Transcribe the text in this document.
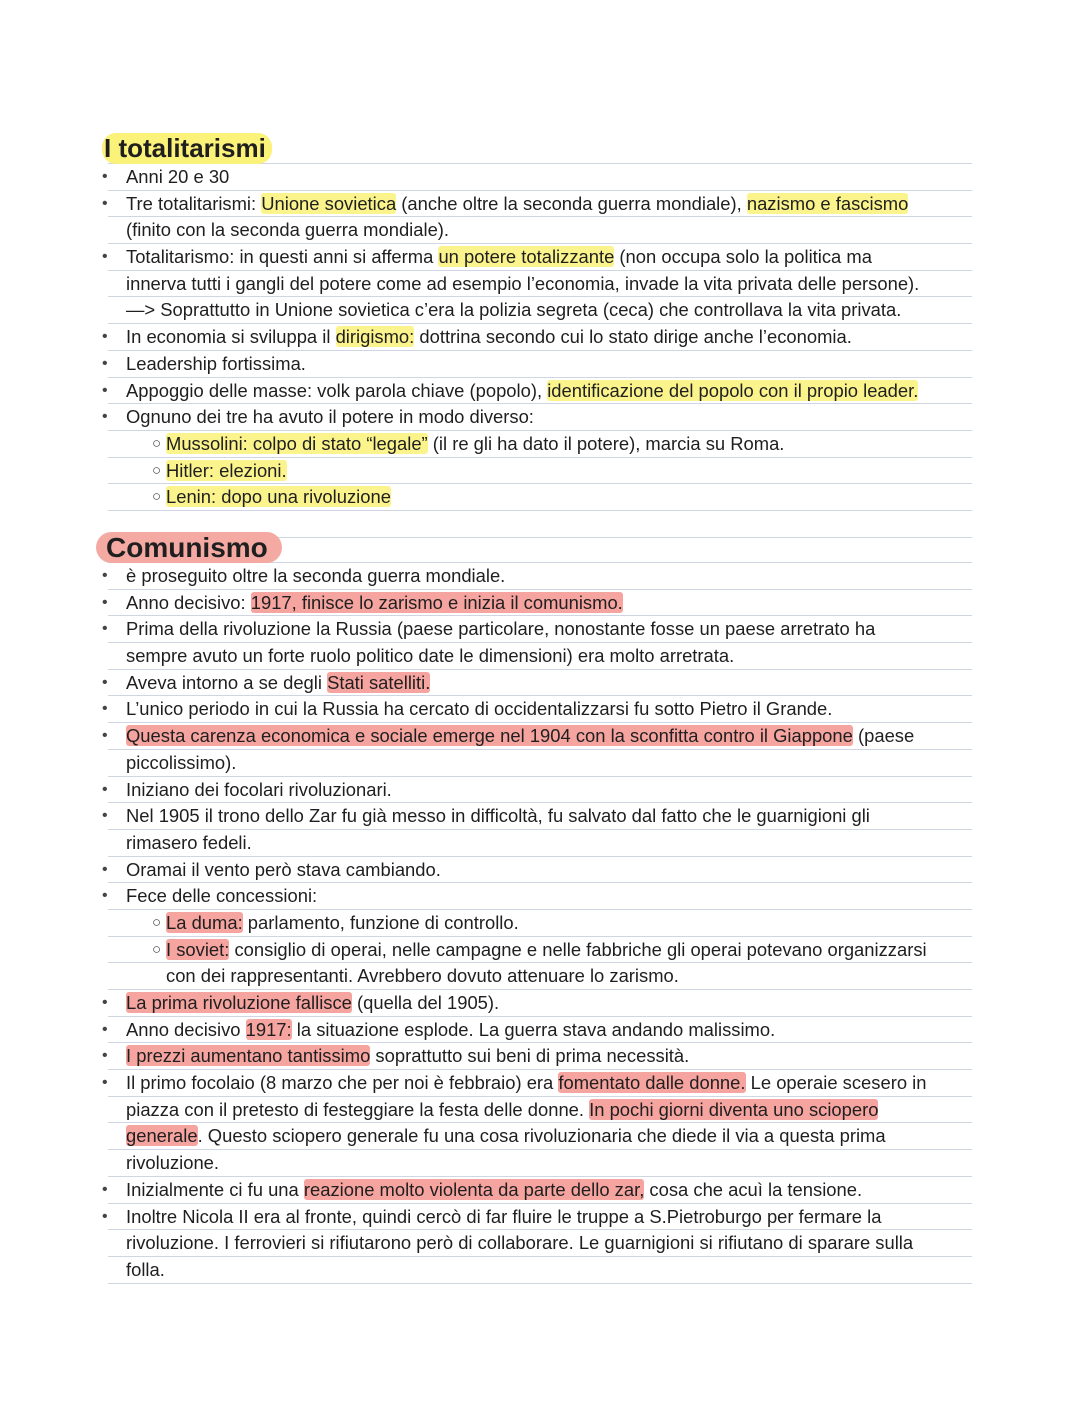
I totalitarismi
• Anni 20 e 30
• Tre totalitarismi: Unione sovietica (anche oltre la seconda guerra mondiale), nazismo e fascismo
(finito con la seconda guerra mondiale).
• Totalitarismo: in questi anni si afferma un potere totalizzante (non occupa solo la politica ma
innerva tutti i gangli del potere come ad esempio l’economia, invade la vita privata delle persone).
—> Soprattutto in Unione sovietica c’era la polizia segreta (ceca) che controllava la vita privata.
• In economia si sviluppa il dirigismo: dottrina secondo cui lo stato dirige anche l’economia.
• Leadership fortissima.
• Appoggio delle masse: volk parola chiave (popolo), identificazione del popolo con il propio leader.
• Ognuno dei tre ha avuto il potere in modo diverso:
○ Mussolini: colpo di stato “legale” (il re gli ha dato il potere), marcia su Roma.
○ Hitler: elezioni.
○ Lenin: dopo una rivoluzione
Comunismo
• è proseguito oltre la seconda guerra mondiale.
• Anno decisivo: 1917, finisce lo zarismo e inizia il comunismo.
• Prima della rivoluzione la Russia (paese particolare, nonostante fosse un paese arretrato ha
sempre avuto un forte ruolo politico date le dimensioni) era molto arretrata.
• Aveva intorno a se degli Stati satelliti.
• L’unico periodo in cui la Russia ha cercato di occidentalizzarsi fu sotto Pietro il Grande.
• Questa carenza economica e sociale emerge nel 1904 con la sconfitta contro il Giappone (paese
piccolissimo).
• Iniziano dei focolari rivoluzionari.
• Nel 1905 il trono dello Zar fu già messo in difficoltà, fu salvato dal fatto che le guarnigioni gli
rimasero fedeli.
• Oramai il vento però stava cambiando.
• Fece delle concessioni:
○ La duma: parlamento, funzione di controllo.
○ I soviet: consiglio di operai, nelle campagne e nelle fabbriche gli operai potevano organizzarsi
con dei rappresentanti. Avrebbero dovuto attenuare lo zarismo.
• La prima rivoluzione fallisce (quella del 1905).
• Anno decisivo 1917: la situazione esplode. La guerra stava andando malissimo.
• I prezzi aumentano tantissimo soprattutto sui beni di prima necessità.
• Il primo focolaio (8 marzo che per noi è febbraio) era fomentato dalle donne. Le operaie scesero in
piazza con il pretesto di festeggiare la festa delle donne. In pochi giorni diventa uno sciopero
generale. Questo sciopero generale fu una cosa rivoluzionaria che diede il via a questa prima
rivoluzione.
• Inizialmente ci fu una reazione molto violenta da parte dello zar, cosa che acuì la tensione.
• Inoltre Nicola II era al fronte, quindi cercò di far fluire le truppe a S.Pietroburgo per fermare la
rivoluzione. I ferrovieri si rifiutarono però di collaborare. Le guarnigioni si rifiutano di sparare sulla
folla.
